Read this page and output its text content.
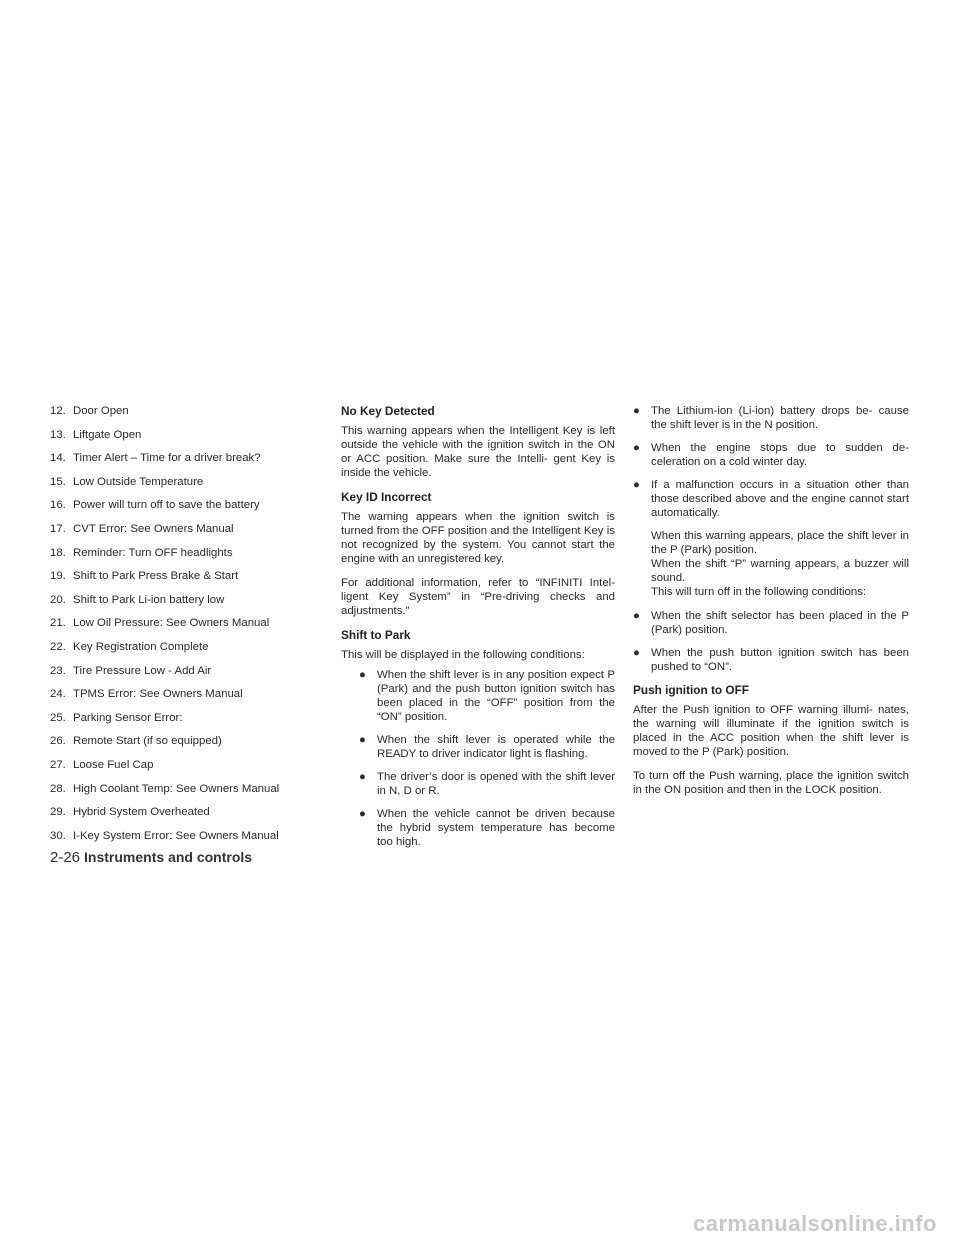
12. Door Open
13. Liftgate Open
14. Timer Alert – Time for a driver break?
15. Low Outside Temperature
16. Power will turn off to save the battery
17. CVT Error: See Owners Manual
18. Reminder: Turn OFF headlights
19. Shift to Park Press Brake & Start
20. Shift to Park Li-ion battery low
21. Low Oil Pressure: See Owners Manual
22. Key Registration Complete
23. Tire Pressure Low - Add Air
24. TPMS Error: See Owners Manual
25. Parking Sensor Error:
26. Remote Start (if so equipped)
27. Loose Fuel Cap
28. High Coolant Temp: See Owners Manual
29. Hybrid System Overheated
30. I-Key System Error: See Owners Manual
No Key Detected
This warning appears when the Intelligent Key is left outside the vehicle with the ignition switch in the ON or ACC position. Make sure the Intelli- gent Key is inside the vehicle.
Key ID Incorrect
The warning appears when the ignition switch is turned from the OFF position and the Intelligent Key is not recognized by the system. You cannot start the engine with an unregistered key.
For additional information, refer to “INFINITI Intel- ligent Key System” in “Pre-driving checks and adjustments.”
Shift to Park
This will be displayed in the following conditions:
● When the shift lever is in any position expect P (Park) and the push button ignition switch has been placed in the “OFF” position from the “ON” position.
● When the shift lever is operated while the READY to driver indicator light is flashing.
● The driver’s door is opened with the shift lever in N, D or R.
● When the vehicle cannot be driven because the hybrid system temperature has become too high.
● The Lithium-ion (Li-ion) battery drops be- cause the shift lever is in the N position.
● When the engine stops due to sudden de- celeration on a cold winter day.
● If a malfunction occurs in a situation other than those described above and the engine cannot start automatically.
When this warning appears, place the shift lever in the P (Park) position.
When the shift “P” warning appears, a buzzer will sound.
This will turn off in the following conditions:
● When the shift selector has been placed in the P (Park) position.
● When the push button ignition switch has been pushed to “ON”.
Push ignition to OFF
After the Push ignition to OFF warning illumi- nates, the warning will illuminate if the ignition switch is placed in the ACC position when the shift lever is moved to the P (Park) position.
To turn off the Push warning, place the ignition switch in the ON position and then in the LOCK position.
2-26 Instruments and controls
carmanualsonline.info
